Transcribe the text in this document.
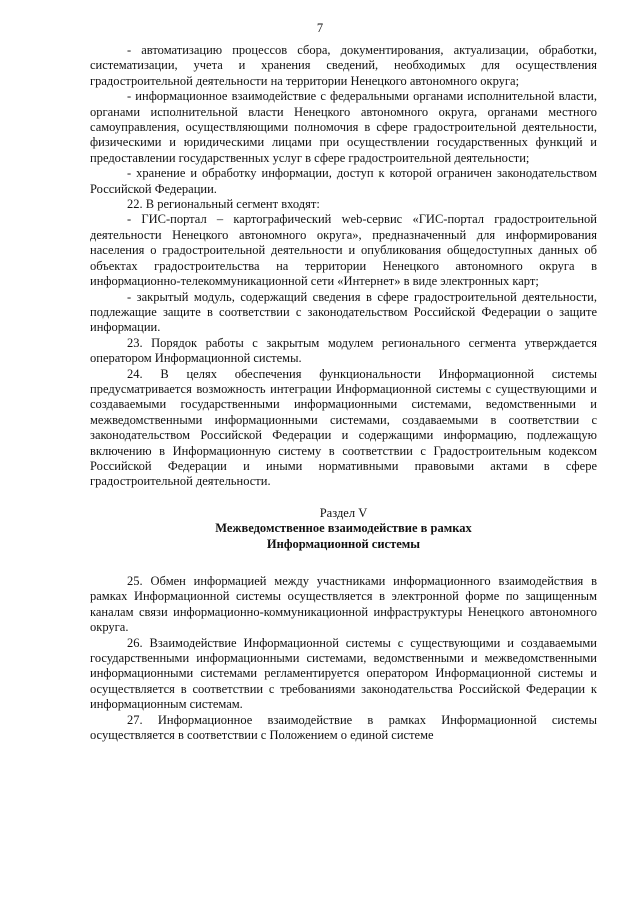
7

- автоматизацию процессов сбора, документирования, актуализации, обработки, систематизации, учета и хранения сведений, необходимых для осуществления градостроительной деятельности на территории Ненецкого автономного округа;

- информационное взаимодействие с федеральными органами исполнительной власти, органами исполнительной власти Ненецкого автономного округа, органами местного самоуправления, осуществляющими полномочия в сфере градостроительной деятельности, физическими и юридическими лицами при осуществлении государственных функций и предоставлении государственных услуг в сфере градостроительной деятельности;

- хранение и обработку информации, доступ к которой ограничен законодательством Российской Федерации.

22. В региональный сегмент входят:

- ГИС-портал – картографический web-сервис «ГИС-портал градостроительной деятельности Ненецкого автономного округа», предназначенный для информирования населения о градостроительной деятельности и опубликования общедоступных данных об объектах градостроительства на территории Ненецкого автономного округа в информационно-телекоммуникационной сети «Интернет» в виде электронных карт;

- закрытый модуль, содержащий сведения в сфере градостроительной деятельности, подлежащие защите в соответствии с законодательством Российской Федерации о защите информации.

23. Порядок работы с закрытым модулем регионального сегмента утверждается оператором Информационной системы.

24. В целях обеспечения функциональности Информационной системы предусматривается возможность интеграции Информационной системы с существующими и создаваемыми государственными информационными системами, ведомственными и межведомственными информационными системами, создаваемыми в соответствии с законодательством Российской Федерации и содержащими информацию, подлежащую включению в Информационную систему в соответствии с Градостроительным кодексом Российской Федерации и иными нормативными правовыми актами в сфере градостроительной деятельности.

Раздел V
Межведомственное взаимодействие в рамках
Информационной системы

25. Обмен информацией между участниками информационного взаимодействия в рамках Информационной системы осуществляется в электронной форме по защищенным каналам связи информационно-коммуникационной инфраструктуры Ненецкого автономного округа.

26. Взаимодействие Информационной системы с существующими и создаваемыми государственными информационными системами, ведомственными и межведомственными информационными системами регламентируется оператором Информационной системы и осуществляется в соответствии с требованиями законодательства Российской Федерации к информационным системам.

27. Информационное взаимодействие в рамках Информационной системы осуществляется в соответствии с Положением о единой системе
